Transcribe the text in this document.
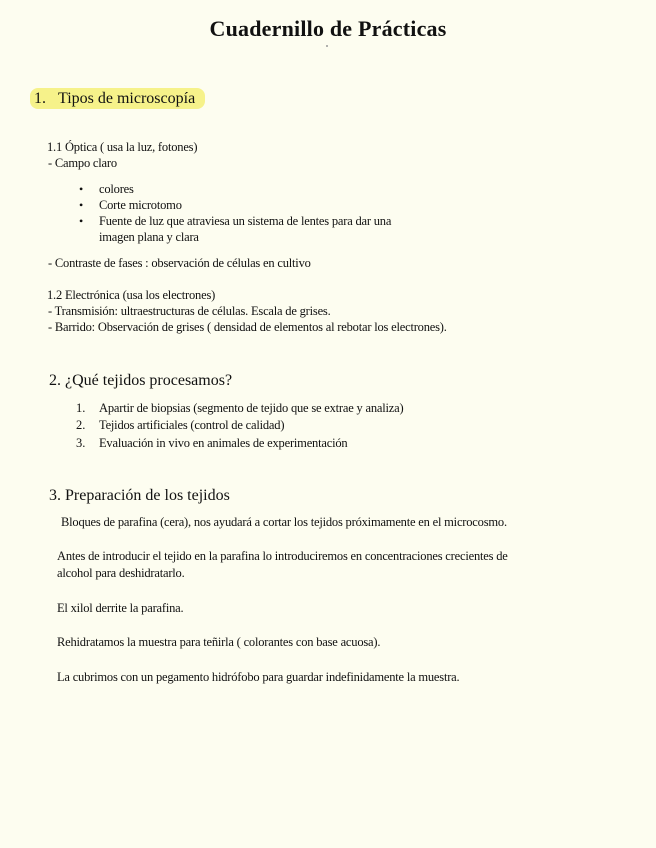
Cuadernillo de Prácticas
1. Tipos de microscopía
1.1 Óptica ( usa la luz, fotones)
- Campo claro
• colores
• Corte microtomo
• Fuente de luz que atraviesa un sistema de lentes para dar una
imagen plana y clara
- Contraste de fases : observación de células en cultivo
1.2 Electrónica (usa los electrones)
- Transmisión: ultraestructuras de células. Escala de grises.
- Barrido: Observación de grises ( densidad de elementos al rebotar los electrones).
2. ¿Qué tejidos procesamos?
1. Apartir de biopsias (segmento de tejido que se extrae y analiza)
2. Tejidos artificiales (control de calidad)
3. Evaluación in vivo en animales de experimentación
3. Preparación de los tejidos
Bloques de parafina (cera), nos ayudará a cortar los tejidos próximamente en el microcosmo.
Antes de introducir el tejido en la parafina lo introduciremos en concentraciones crecientes de
alcohol para deshidratarlo.
El xilol derrite la parafina.
Rehidratamos la muestra para teñirla ( colorantes con base acuosa).
La cubrimos con un pegamento hidrófobo para guardar indefinidamente la muestra.
